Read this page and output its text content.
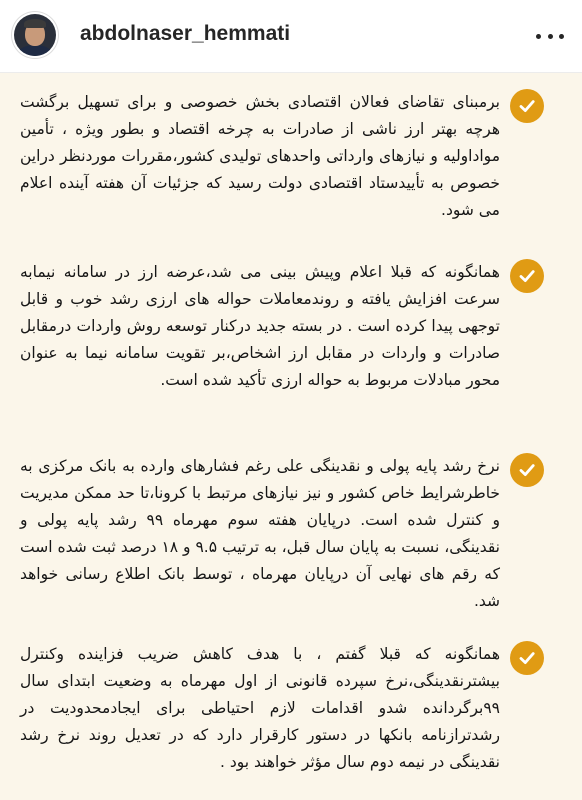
abdolnaser_hemmati
برمبنای تقاضای فعالان اقتصادی بخش خصوصی و برای تسهیل برگشت هرچه بهتر ارز ناشی از صادرات به چرخه اقتصاد و بطور ویژه ، تأمین مواداولیه و نیازهای وارداتی واحدهای تولیدی کشور،مقررات موردنظر دراین خصوص به تأییدستاد اقتصادی دولت رسید که جزئیات آن هفته آینده اعلام می شود.
همانگونه که قبلا اعلام وپیش بینی می شد،عرضه ارز در سامانه نیمابه سرعت افزایش یافته و روندمعاملات حواله های ارزی رشد خوب و قابل توجهی پیدا کرده است . در بسته جدید درکنار توسعه روش واردات درمقابل صادرات و واردات در مقابل ارز اشخاص،بر تقویت سامانه نیما به عنوان محور مبادلات مربوط به حواله ارزی تأکید شده است.
نرخ رشد پایه پولی و نقدینگی علی رغم فشارهای وارده به بانک مرکزی به خاطرشرایط خاص کشور و نیز نیازهای مرتبط با کرونا،تا حد ممکن مدیریت و کنترل شده است. درپایان هفته سوم مهرماه ۹۹ رشد پایه پولی و نقدینگی، نسبت به پایان سال قبل، به ترتیب ۹.۵ و ۱۸ درصد ثبت شده است که رقم های نهایی آن درپایان مهرماه ، توسط بانک اطلاع رسانی خواهد شد.
همانگونه که قبلا گفتم ، با هدف کاهش ضریب فزاینده وکنترل بیشترنقدینگی،نرخ سپرده قانونی از اول مهرماه به وضعیت ابتدای سال ۹۹برگردانده شدو اقدامات لازم احتیاطی برای ایجادمحدودیت در رشدترازنامه بانکها در دستور کارقرار دارد که در تعدیل روند نرخ رشد نقدینگی در نیمه دوم سال مؤثر خواهند بود .
